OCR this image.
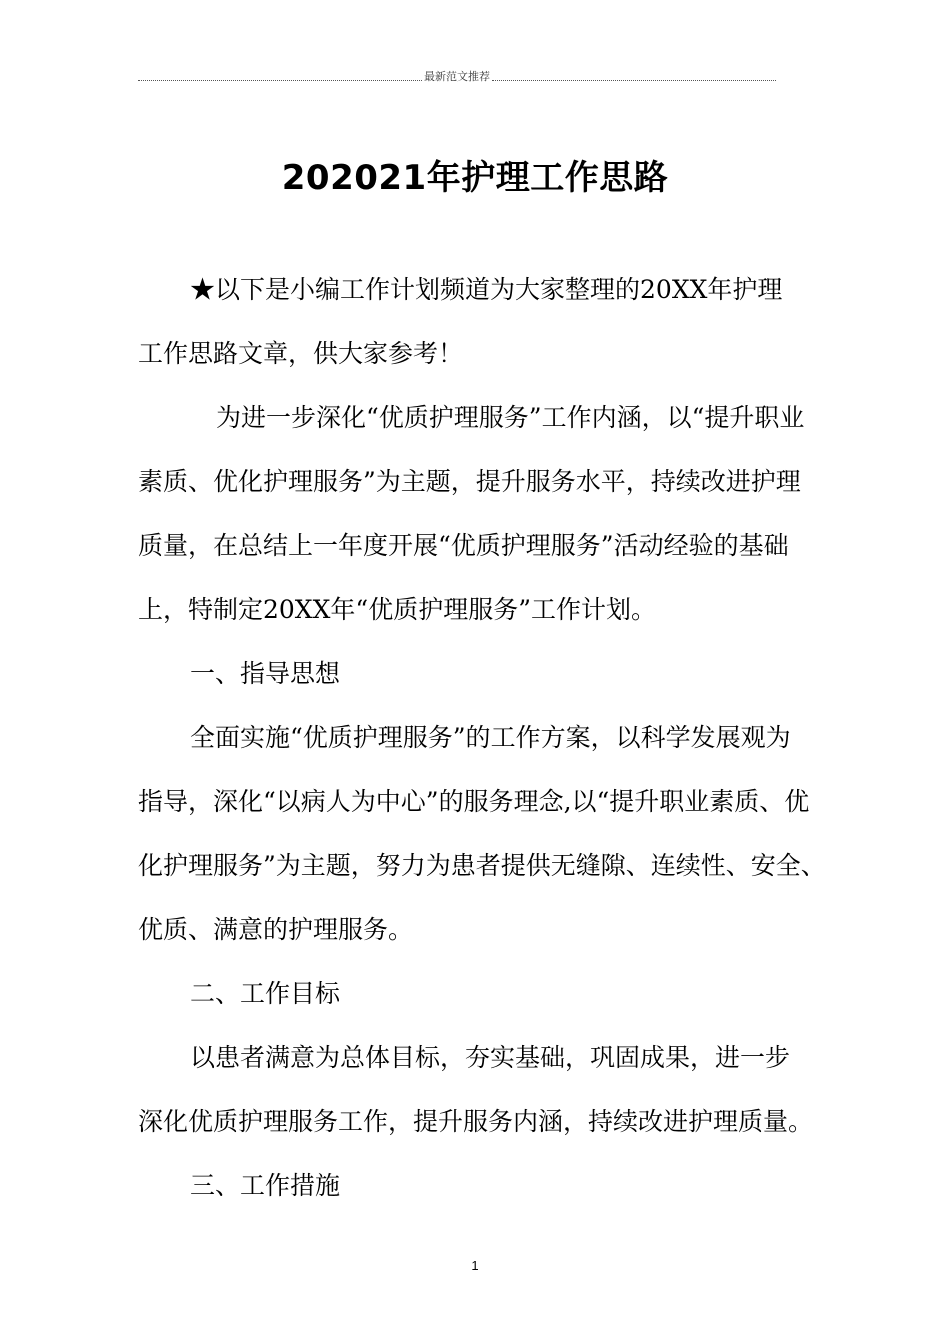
最新范文推荐
202021年护理工作思路
★以下是小编工作计划频道为大家整理的20XX年护理
工作思路文章，供大家参考！
为进一步深化“优质护理服务”工作内涵，以“提升职业
素质、优化护理服务”为主题，提升服务水平，持续改进护理
质量，在总结上一年度开展“优质护理服务”活动经验的基础
上，特制定20XX年“优质护理服务”工作计划。
一、指导思想
全面实施“优质护理服务”的工作方案，以科学发展观为
指导，深化“以病人为中心”的服务理念,以“提升职业素质、优
化护理服务”为主题，努力为患者提供无缝隙、连续性、安全、
优质、满意的护理服务。
二、工作目标
以患者满意为总体目标，夯实基础，巩固成果，进一步
深化优质护理服务工作，提升服务内涵，持续改进护理质量。
三、工作措施
1
